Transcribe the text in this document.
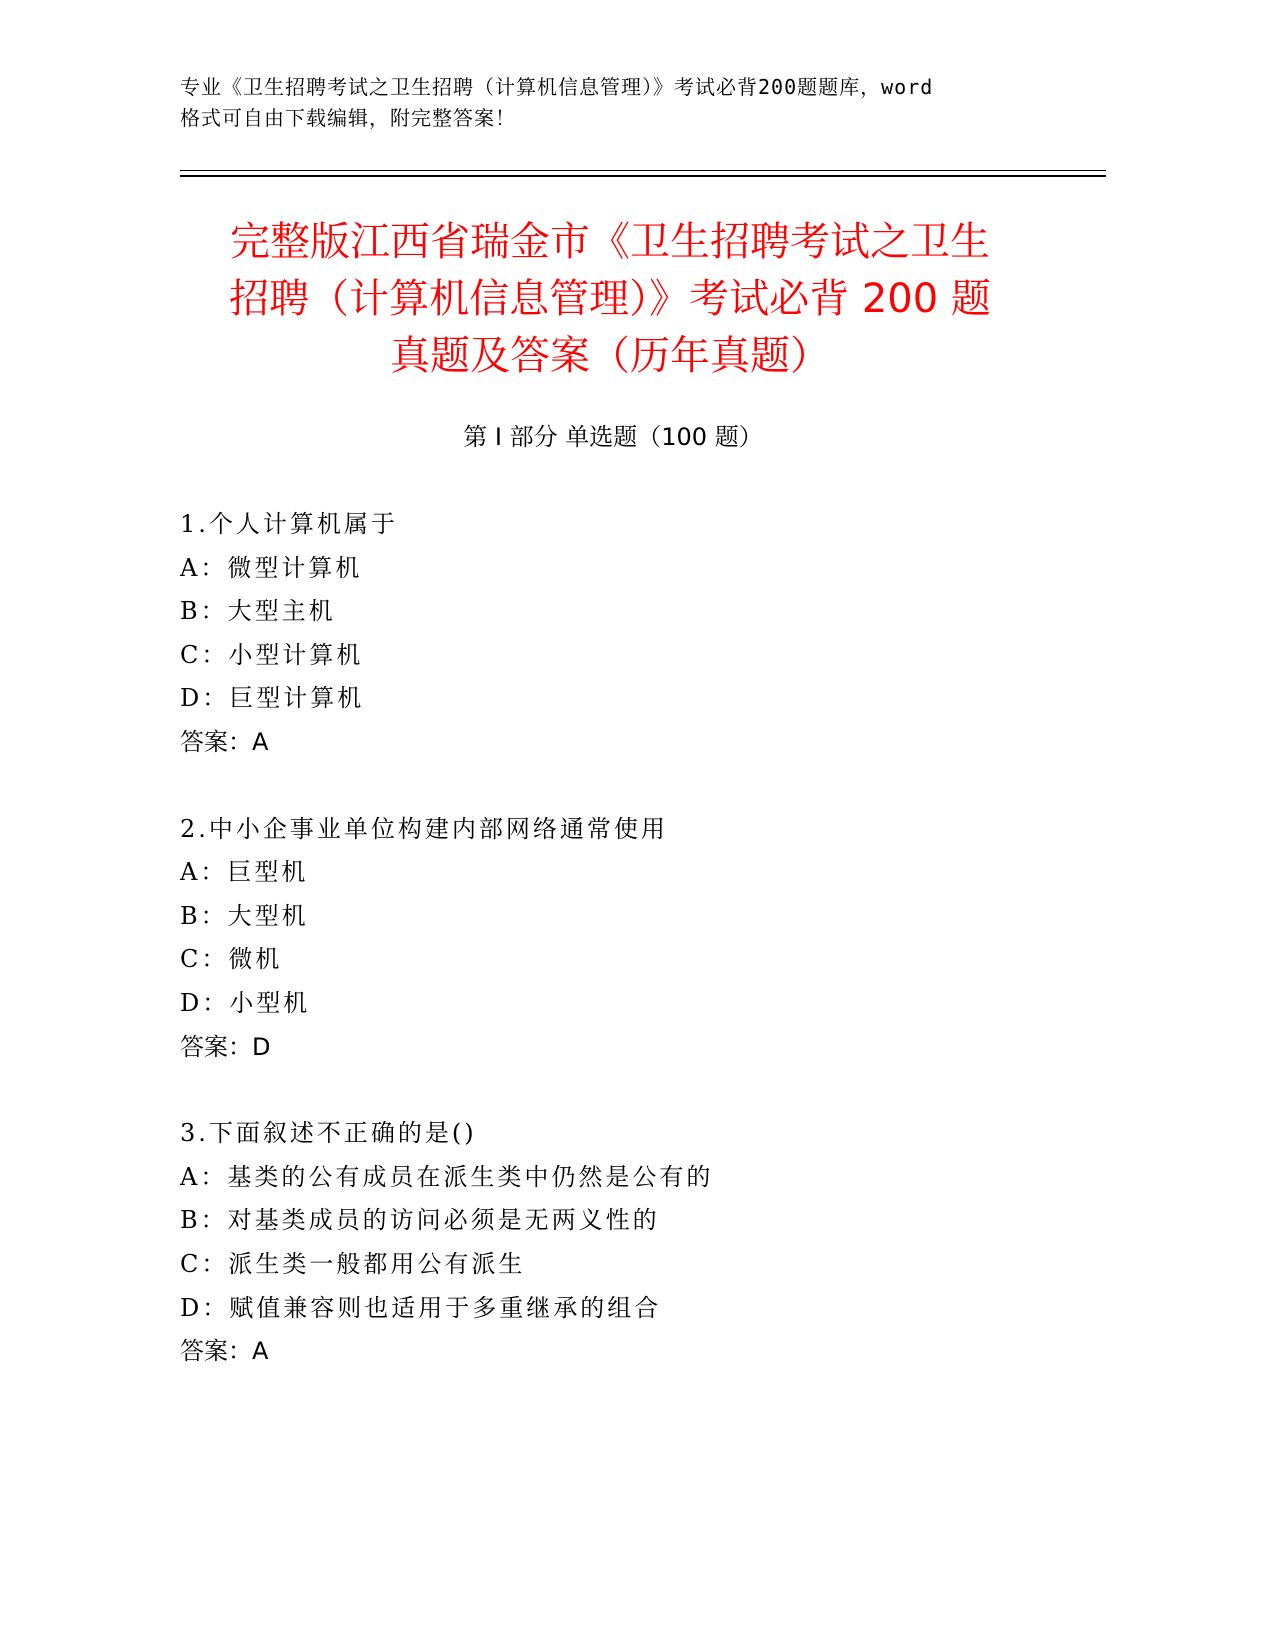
专业《卫生招聘考试之卫生招聘（计算机信息管理）》考试必背200题题库，word
格式可自由下载编辑，附完整答案！
完整版江西省瑞金市《卫生招聘考试之卫生
招聘（计算机信息管理）》考试必背 200 题
真题及答案（历年真题）
第 I 部分 单选题（100 题）
1.个人计算机属于
A：微型计算机
B：大型主机
C：小型计算机
D：巨型计算机
答案：A
2.中小企事业单位构建内部网络通常使用
A：巨型机
B：大型机
C：微机
D：小型机
答案：D
3.下面叙述不正确的是()
A：基类的公有成员在派生类中仍然是公有的
B：对基类成员的访问必须是无两义性的
C：派生类一般都用公有派生
D：赋值兼容则也适用于多重继承的组合
答案：A
